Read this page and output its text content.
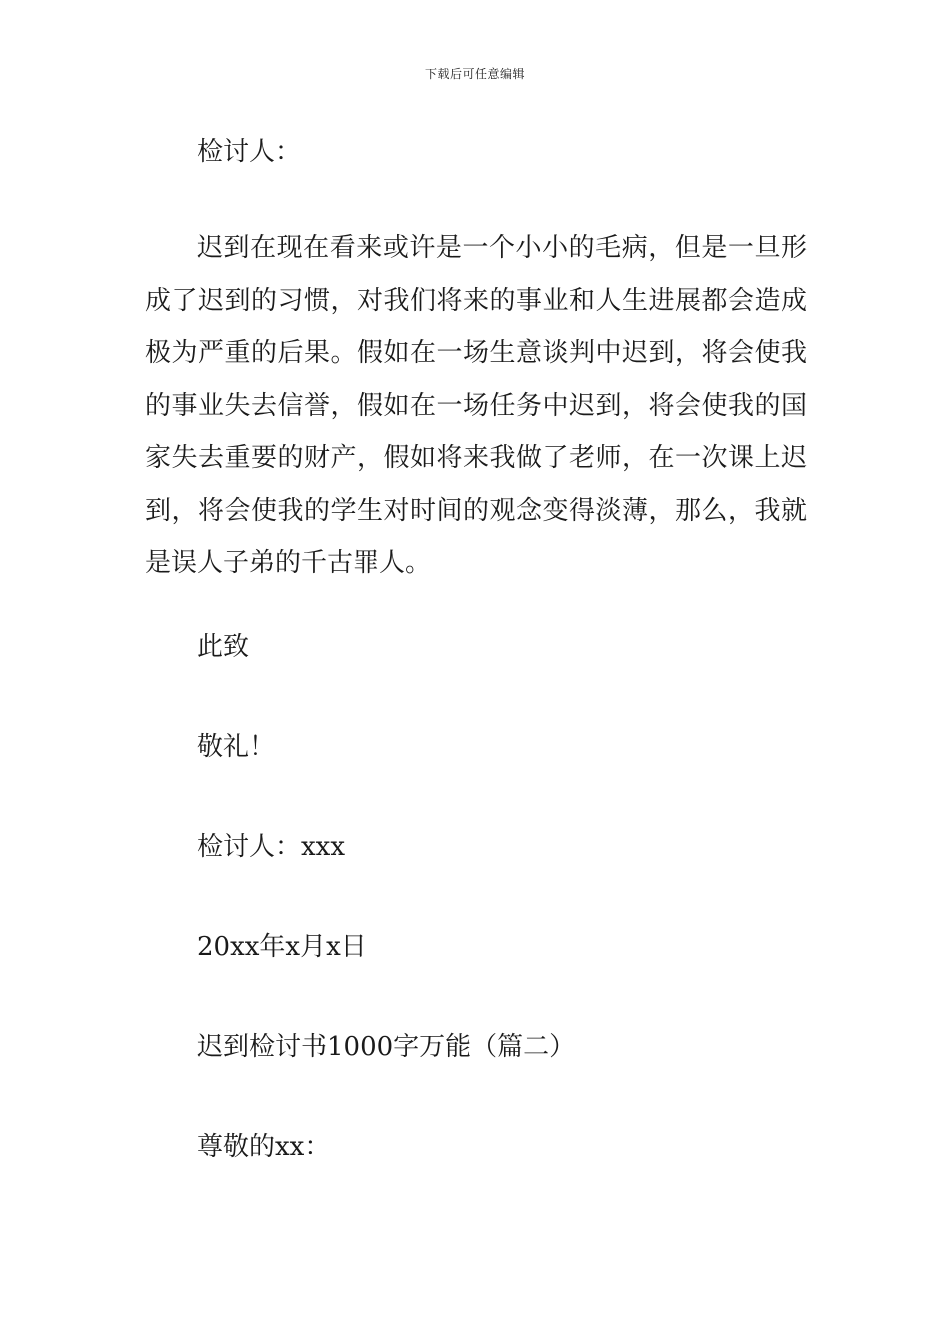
下载后可任意编辑
检讨人：
迟到在现在看来或许是一个小小的毛病，但是一旦形
成了迟到的习惯，对我们将来的事业和人生进展都会造成
极为严重的后果。假如在一场生意谈判中迟到，将会使我
的事业失去信誉，假如在一场任务中迟到，将会使我的国
家失去重要的财产，假如将来我做了老师，在一次课上迟
到，将会使我的学生对时间的观念变得淡薄，那么，我就
是误人子弟的千古罪人。
此致
敬礼！
检讨人：xxx
20xx年x月x日
迟到检讨书1000字万能（篇二）
尊敬的xx：
